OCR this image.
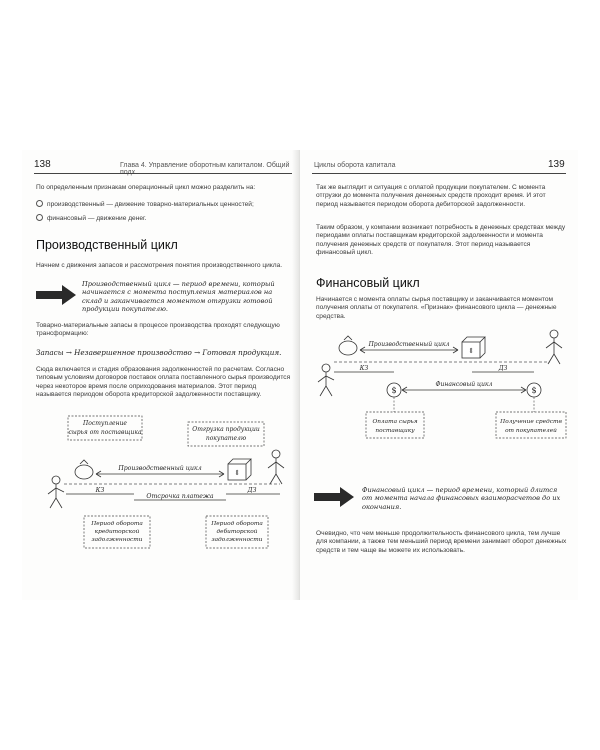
138	Глава 4. Управление оборотным капиталом. Общий

По определенным признакам операционный цикл можно разделить на:

производственный — движение товарно-материальных ценностей;
финансовый — движение денег.
Производственный цикл

Начнем с движения запасов и рассмотрения понятия производственного цикла.

Производственный цикл — период времени, который начинается с момента поступления материалов на склад и заканчивается моментом отгрузки готовой продукции покупателю.

Товарно-материальные запасы в процессе производства проходят следующую трансформацию:

Запасы → Незавершенное производство → Готовая продукция.

Сюда включается и стадия образования задолженностей по расчетам. Согласно типовым условиям договоров поставок оплата поставленного сырья производится через некоторое время после оприходования материалов. Этот период называется периодом оборота кредиторской задолженности поставщику.

Поступление
сырья от поставщика	Отгрузка продукции
покупателю
⇕
Производственный цикл
КЗ	ДЗ
Отсрочка платежа
Период оборота
кредиторской
задолженности
Период оборота
дебиторской
задолженности
Циклы оборота капитала	139

Так же выглядит и ситуация с оплатой продукции покупателем. С момента отгрузки до момента получения денежных средств проходит время. И этот период называется периодом оборота дебиторской задолженности.

Таким образом, у компании возникает потребность в денежных средствах между периодами оплаты поставщикам кредиторской задолженности и момента получения денежных средств от покупателя. Этот период называется финансовый цикл.

Финансовый цикл

Начинается с момента оплаты сырья поставщику и заканчивается моментом получения оплаты от покупателя. «Признак» финансового цикла — денежные средства.

⇕
Производственный цикл
КЗ	ДЗ
$	$
Финансовый цикл
Оплата сырья
поставщику
Получение средств
от покупателей

Финансовый цикл — период времени, который длится от момента начала финансовых взаиморасчетов до их окончания.

Очевидно, что чем меньше продолжительность финансового цикла, тем лучше для компании, а также тем меньший период времени занимает оборот денежных средств и тем чаще вы можете их использовать.
